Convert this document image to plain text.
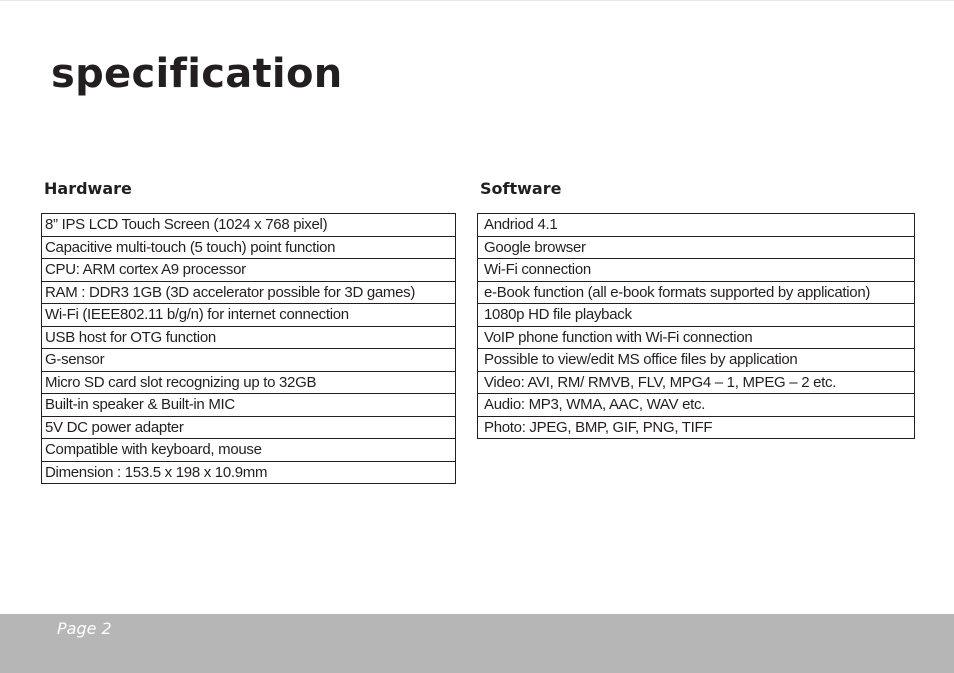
specification
Hardware
8” IPS LCD Touch Screen (1024 x 768 pixel)
Capacitive multi-touch (5 touch) point function
CPU: ARM cortex A9 processor
RAM : DDR3 1GB (3D accelerator possible for 3D games)
Wi-Fi (IEEE802.11 b/g/n) for internet connection
USB host for OTG function
G-sensor
Micro SD card slot recognizing up to 32GB
Built-in speaker & Built-in MIC
5V DC power adapter
Compatible with keyboard, mouse
Dimension : 153.5 x 198 x 10.9mm
Software
Andriod 4.1
Google browser
Wi-Fi connection
e-Book function (all e-book formats supported by application)
1080p HD file playback
VoIP phone function with Wi-Fi connection
Possible to view/edit MS office files by application
Video: AVI, RM/ RMVB, FLV, MPG4 – 1, MPEG – 2 etc.
Audio: MP3, WMA, AAC, WAV etc.
Photo: JPEG, BMP, GIF, PNG, TIFF
Page 2
